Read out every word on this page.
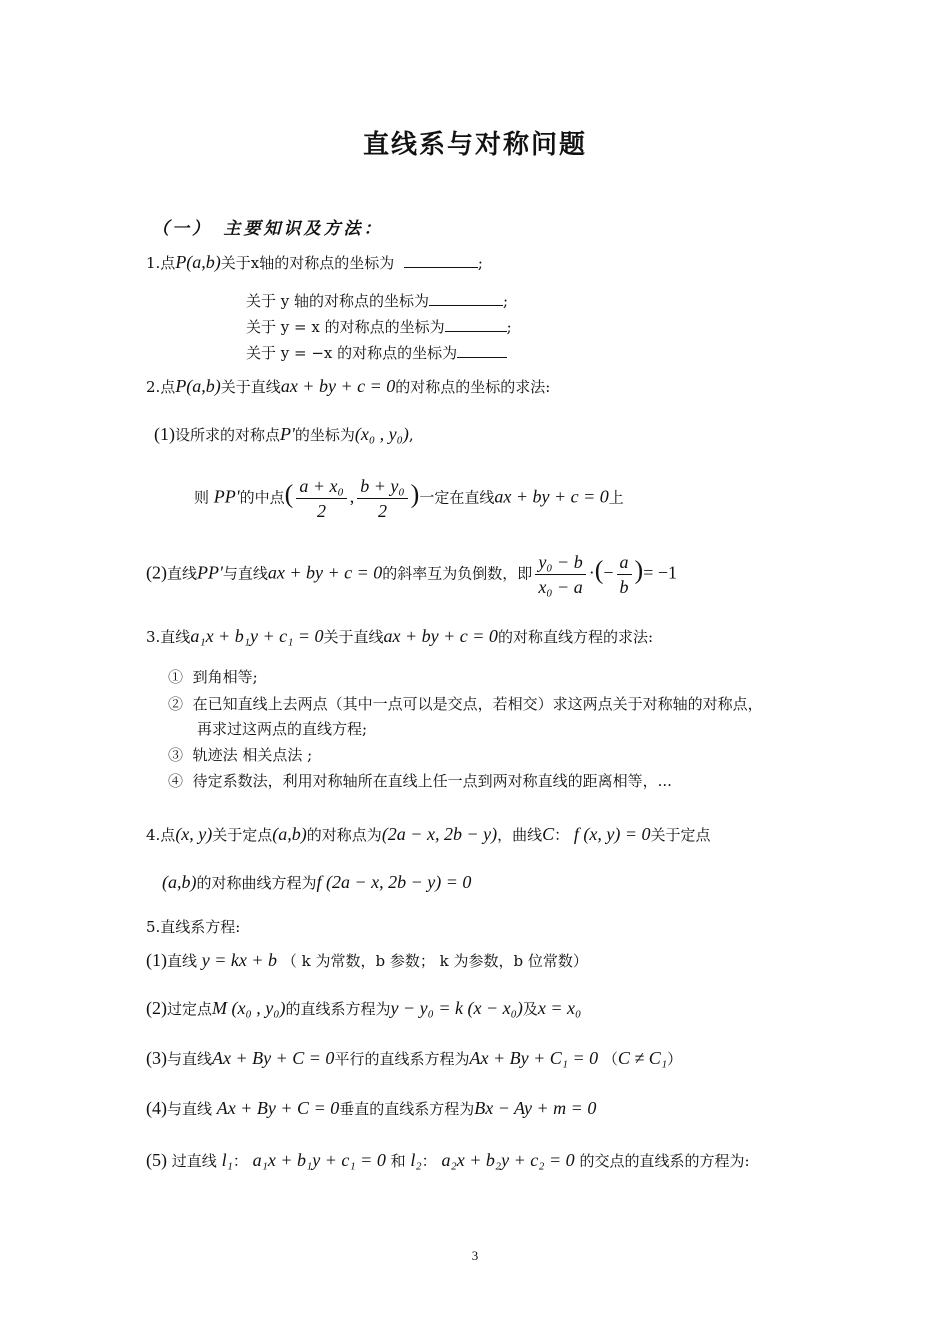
直线系与对称问题
（一）　主要知识及方法：
1.点P(a,b)关于x轴的对称点的坐标为	;
关于 y 轴的对称点的坐标为	;
关于 y = x 的对称点的坐标为	;
关于 y = −x 的对称点的坐标为
2.点P(a,b)关于直线ax + by + c = 0的对称点的坐标的求法:
(1)设所求的对称点P'的坐标为(x₀ , y₀),
则 PP'的中点( $\frac{\text{a + x₀}}{2}$ , $\frac{\text{b + y₀}}{2}$ )一定在直线ax + by + c = 0上
(2)直线PP'与直线ax + by + c = 0的斜率互为负倒数，即 $\frac{\text{y₀ − b}}{\text{x₀ − a}}$ ·(− $\frac{a}{b}$ )= −1
3.直线a₁x + b₁y + c₁ = 0关于直线ax + by + c = 0的对称直线方程的求法:
① 到角相等;
② 在已知直线上去两点（其中一点可以是交点，若相交）求这两点关于对称轴的对称点，
再求过这两点的直线方程;
③ 轨迹法 相关点法 ;
④ 待定系数法，利用对称轴所在直线上任一点到两对称直线的距离相等，...
4.点(x, y)关于定点(a,b)的对称点为(2a − x, 2b − y)，曲线C： f (x, y) = 0关于定点
(a,b)的对称曲线方程为f (2a − x, 2b − y) = 0
5.直线系方程:
(1)直线 y = kx + b （ k 为常数，b 参数； k 为参数，b 位常数）
(2)过定点M (x₀ , y₀)的直线系方程为y − y₀ = k (x − x₀)及x = x₀
(3)与直线Ax + By + C = 0平行的直线系方程为Ax + By + C₁ = 0 （C ≠ C₁）
(4)与直线 Ax + By + C = 0垂直的直线系方程为Bx − Ay + m = 0
(5) 过直线 l₁： a₁x + b₁y + c₁ = 0 和 l₂： a₂x + b₂y + c₂ = 0 的交点的直线系的方程为:
3
